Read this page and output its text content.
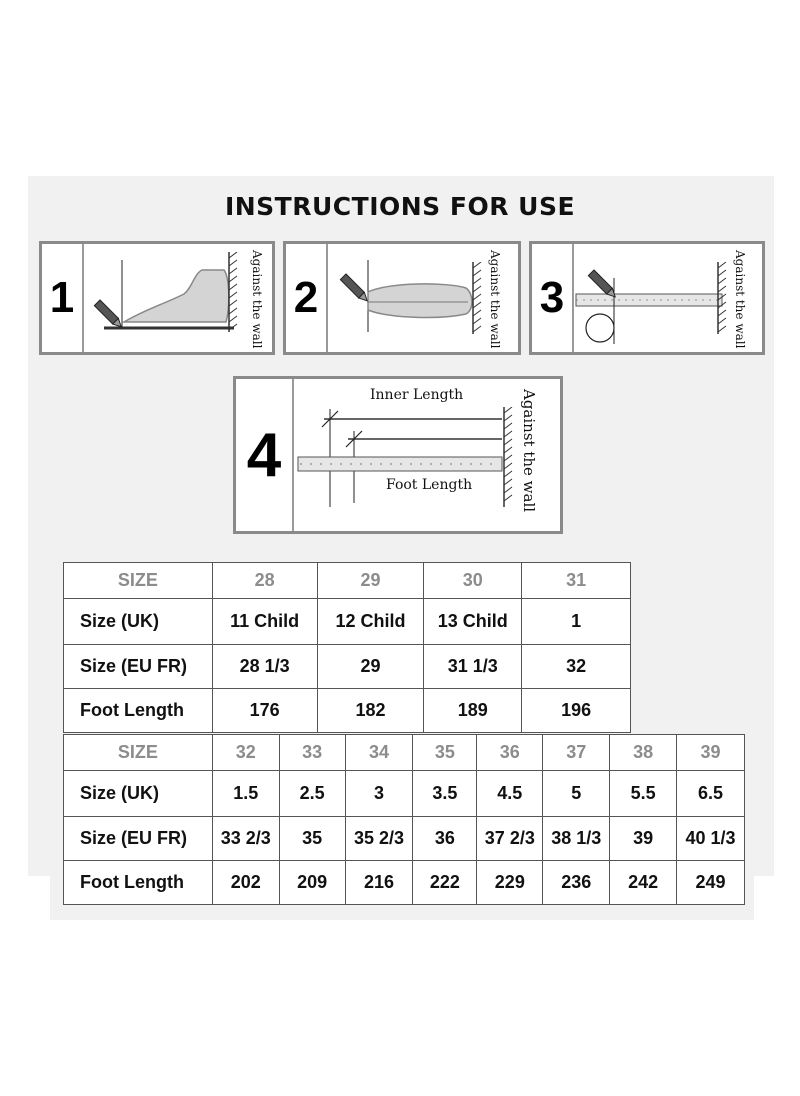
INSTRUCTIONS FOR USE
1	Against the wall 2	Against the wall 3	Against the wall
4
Inner Length
Foot Length	Against the wall
SIZE	28	29	30	31
Size (UK)	11 Child	12 Child	13 Child	1
Size (EU FR)	28 1/3	29	31 1/3	32
Foot Length	176	182	189	196
SIZE	32	33	34	35	36	37	38	39
Size (UK)	1.5	2.5	3	3.5	4.5	5	5.5	6.5
Size (EU FR)	33 2/3	35	35 2/3	36	37 2/3	38 1/3	39	40 1/3
Foot Length	202	209	216	222	229	236	242	249
